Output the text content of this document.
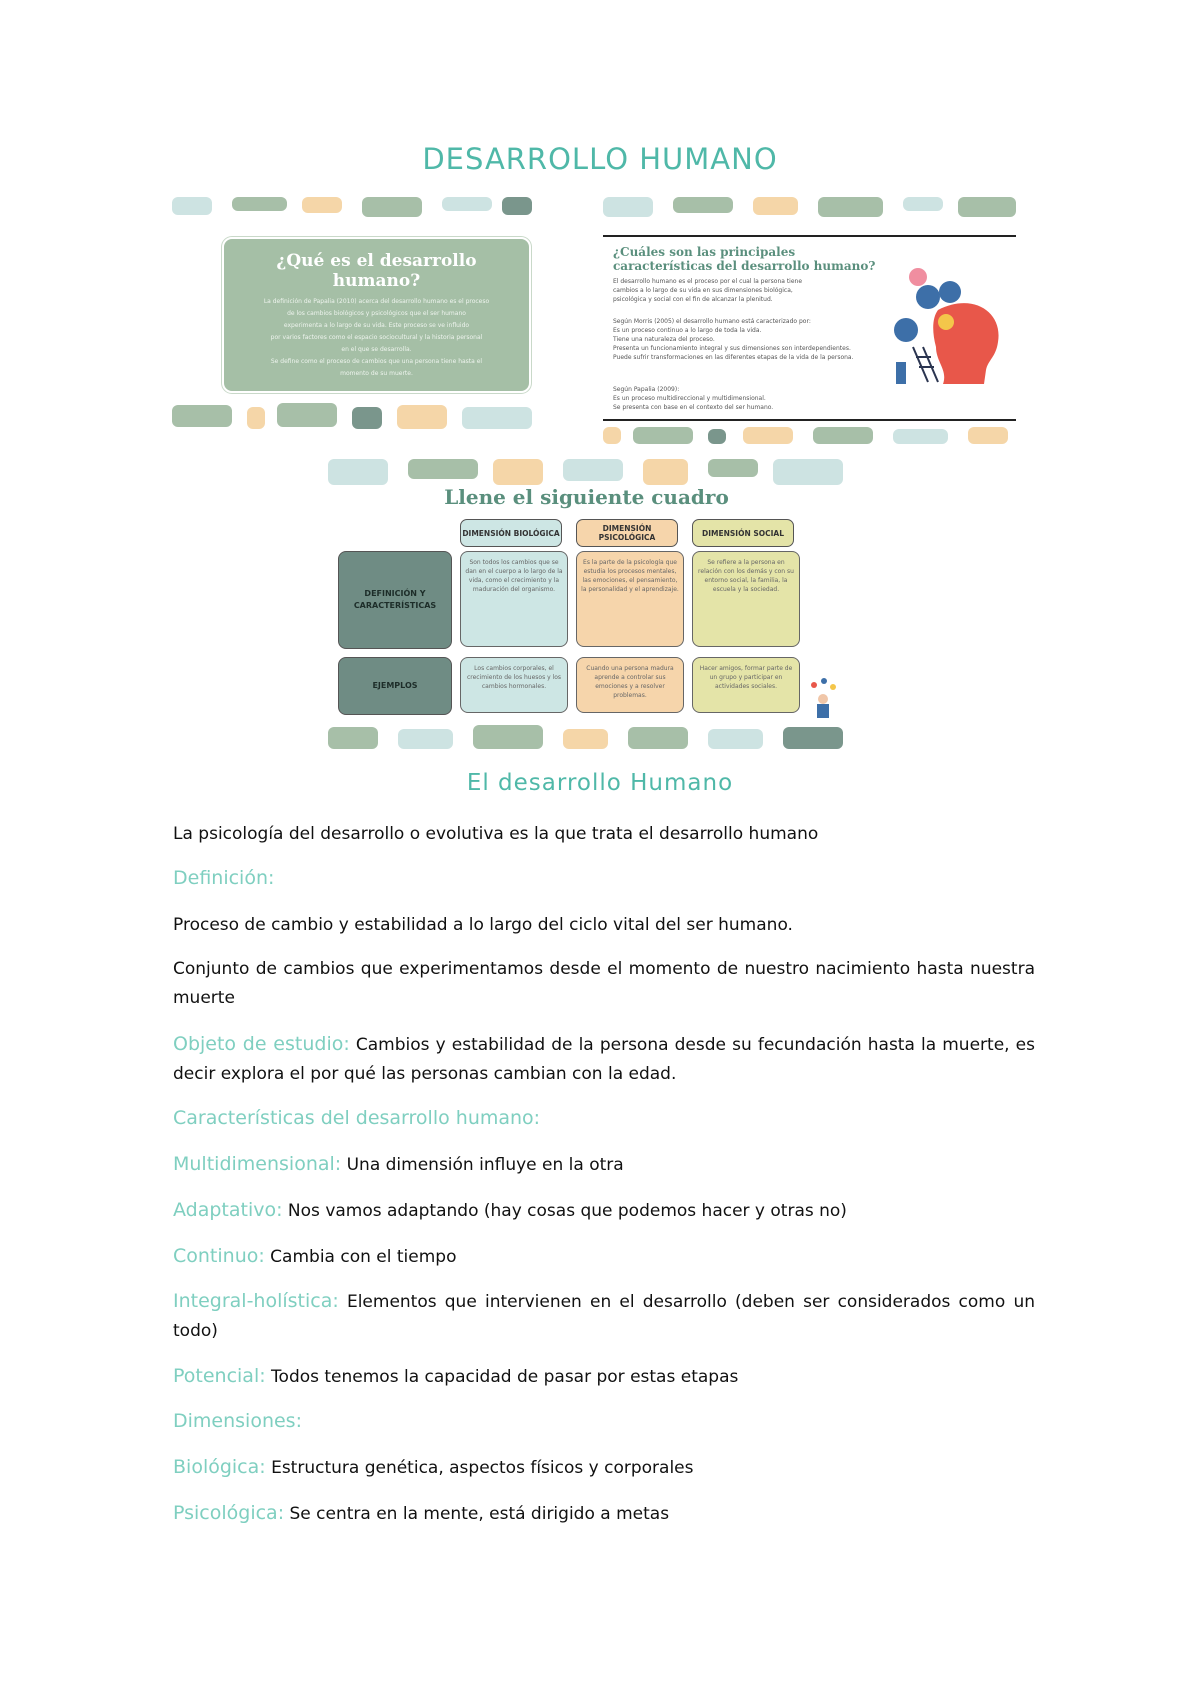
DESARROLLO HUMANO
¿Qué es el desarrollo humano?

La definición de Papalia (2010) acerca del desarrollo humano es el proceso

de los cambios biológicos y psicológicos que el ser humano

experimenta a lo largo de su vida. Este proceso se ve influido

por varios factores como el espacio sociocultural y la historia personal

en el que se desarrolla.

Se define como el proceso de cambios que una persona tiene hasta el

momento de su muerte.

¿Cuáles son las principales características del desarrollo humano?
El desarrollo humano es el proceso por el cual la persona tiene
cambios a lo largo de su vida en sus dimensiones biológica,
psicológica y social con el fin de alcanzar la plenitud.
Según Morris (2005) el desarrollo humano está caracterizado por:
Es un proceso continuo a lo largo de toda la vida.
Tiene una naturaleza del proceso.
Presenta un funcionamiento integral y sus dimensiones son interdependientes.
Puede sufrir transformaciones en las diferentes etapas de la vida de la persona.
Según Papalia (2009):
Es un proceso multidireccional y multidimensional.
Se presenta con base en el contexto del ser humano.
Llene el siguiente cuadro
DIMENSIÓN BIOLÓGICA	DIMENSIÓN PSICOLÓGICA	DIMENSIÓN SOCIAL
DEFINICIÓN Y CARACTERÍSTICAS
EJEMPLOS
Son todos los cambios que se dan en el cuerpo a lo largo de la vida, como el crecimiento y la maduración del organismo.
Es la parte de la psicología que estudia los procesos mentales, las emociones, el pensamiento, la personalidad y el aprendizaje.
Se refiere a la persona en relación con los demás y con su entorno social, la familia, la escuela y la sociedad.
Los cambios corporales, el crecimiento de los huesos y los cambios hormonales.
Cuando una persona madura aprende a controlar sus emociones y a resolver problemas.
Hacer amigos, formar parte de un grupo y participar en actividades sociales.
El desarrollo Humano

La psicología del desarrollo o evolutiva es la que trata el desarrollo humano

Definición:

Proceso de cambio y estabilidad a lo largo del ciclo vital del ser humano.

Conjunto de cambios que experimentamos desde el momento de nuestro nacimiento hasta nuestra muerte

Objeto de estudio: Cambios y estabilidad de la persona desde su fecundación hasta la muerte, es decir explora el por qué las personas cambian con la edad.

Características del desarrollo humano:

Multidimensional: Una dimensión influye en la otra

Adaptativo: Nos vamos adaptando (hay cosas que podemos hacer y otras no)

Continuo: Cambia con el tiempo

Integral-holística: Elementos que intervienen en el desarrollo (deben ser considerados como un todo)

Potencial: Todos tenemos la capacidad de pasar por estas etapas

Dimensiones:

Biológica: Estructura genética, aspectos físicos y corporales

Psicológica: Se centra en la mente, está dirigido a metas
